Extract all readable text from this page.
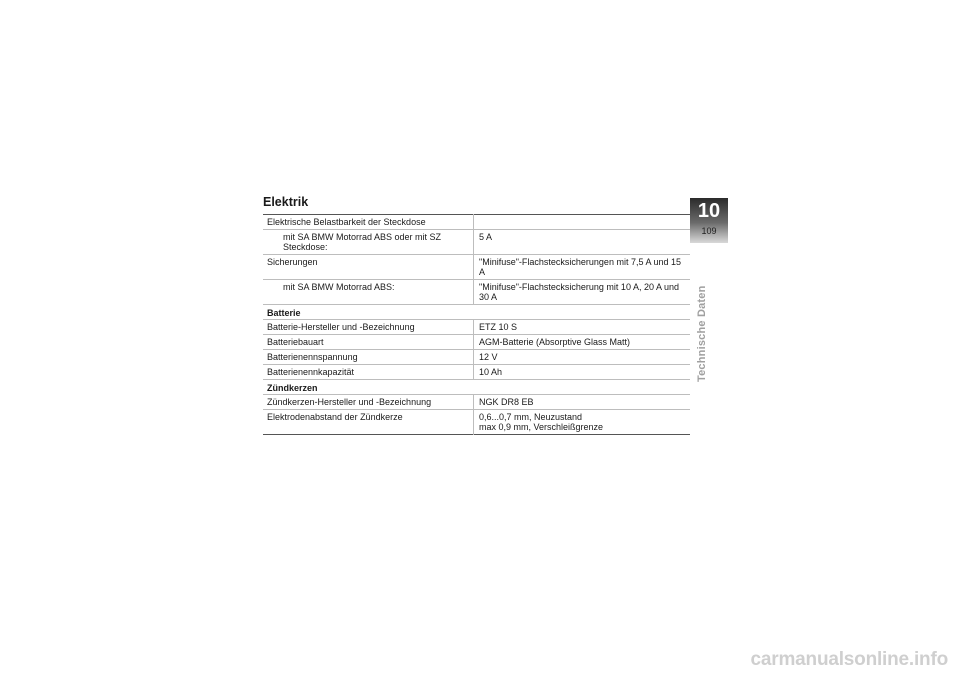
Elektrik
Elektrische Belastbarkeit der Steckdose	
mit SA BMW Motorrad ABS oder mit SZ Steckdose:	5 A
Sicherungen	"Minifuse"-Flachstecksicherungen mit 7,5 A und 15 A
mit SA BMW Motorrad ABS:	"Minifuse"-Flachstecksicherung mit 10 A, 20 A und 30 A
Batterie	
Batterie-Hersteller und -Bezeichnung	ETZ 10 S
Batteriebauart	AGM-Batterie (Absorptive Glass Matt)
Batterienennspannung	12 V
Batterienennkapazität	10 Ah
Zündkerzen	
Zündkerzen-Hersteller und -Bezeichnung	NGK DR8 EB
Elektrodenabstand der Zündkerze	0,6...0,7 mm, Neuzustand
max 0,9 mm, Verschleißgrenze
10
109
Technische Daten
carmanualsonline.info
